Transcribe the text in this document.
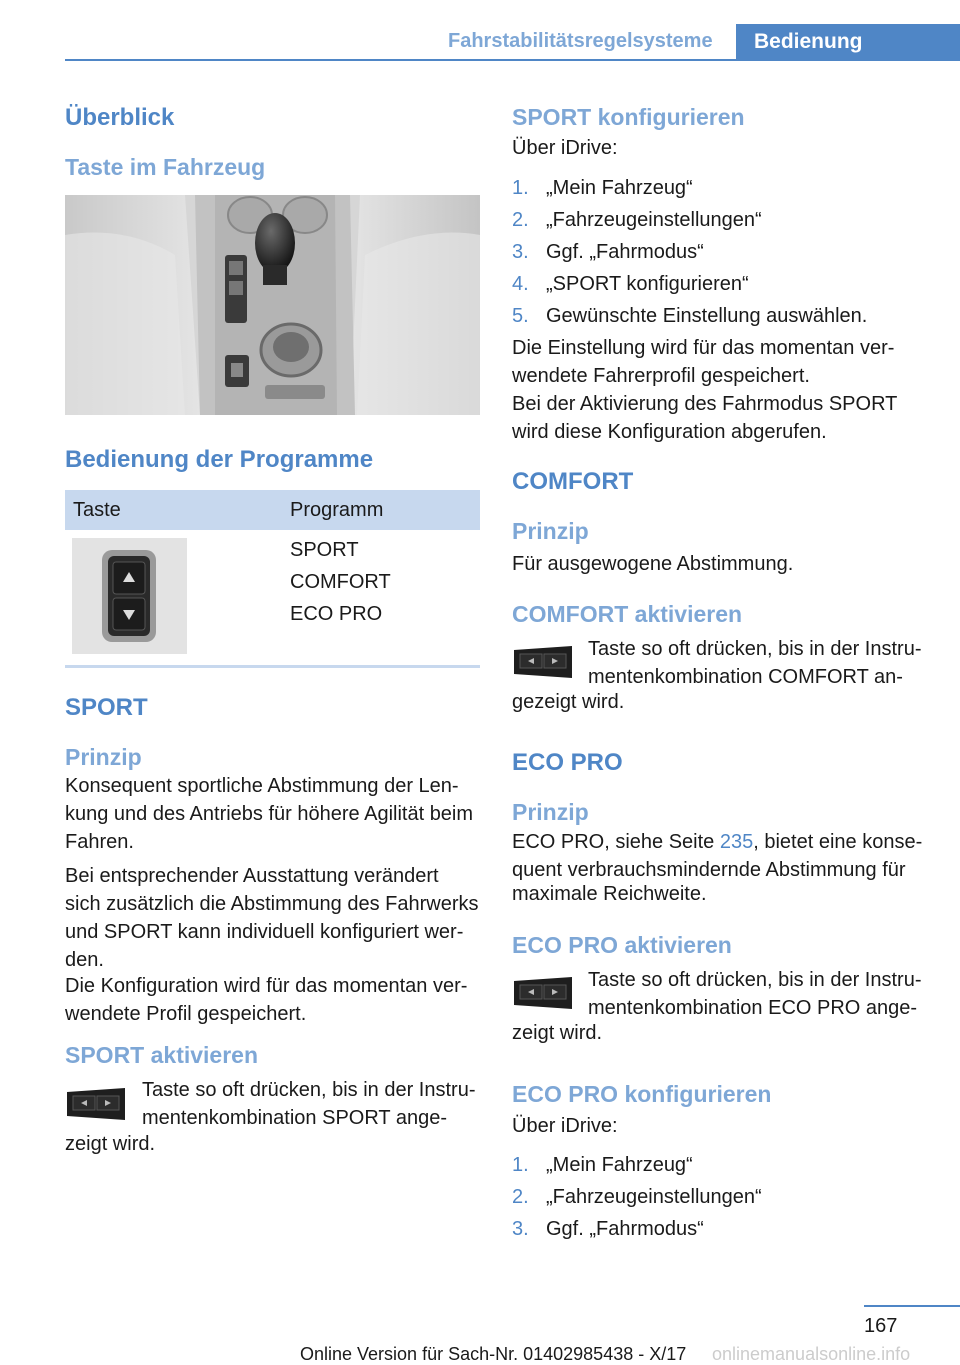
Fahrstabilitätsregelsysteme	Bedienung
Überblick
Taste im Fahrzeug
Bedienung der Programme
Taste	Programm
SPORT
COMFORT
ECO PRO
SPORT
Prinzip
Konsequent sportliche Abstimmung der Len-
kung und des Antriebs für höhere Agilität beim
Fahren.
Bei entsprechender Ausstattung verändert
sich zusätzlich die Abstimmung des Fahrwerks
und SPORT kann individuell konfiguriert wer-
den.
Die Konfiguration wird für das momentan ver-
wendete Profil gespeichert.
SPORT aktivieren
Taste so oft drücken, bis in der Instru-
mentenkombination SPORT ange-
zeigt wird.
SPORT konfigurieren
Über iDrive:
1. „Mein Fahrzeug“
2. „Fahrzeugeinstellungen“
3. Ggf. „Fahrmodus“
4. „SPORT konfigurieren“
5. Gewünschte Einstellung auswählen.
Die Einstellung wird für das momentan ver-
wendete Fahrerprofil gespeichert.
Bei der Aktivierung des Fahrmodus SPORT
wird diese Konfiguration abgerufen.
COMFORT
Prinzip
Für ausgewogene Abstimmung.
COMFORT aktivieren
Taste so oft drücken, bis in der Instru-
mentenkombination COMFORT an-
gezeigt wird.
ECO PRO
Prinzip
ECO PRO, siehe Seite 235, bietet eine konse-
quent verbrauchsmindernde Abstimmung für
maximale Reichweite.
ECO PRO aktivieren
Taste so oft drücken, bis in der Instru-
mentenkombination ECO PRO ange-
zeigt wird.
ECO PRO konfigurieren
Über iDrive:
1. „Mein Fahrzeug“
2. „Fahrzeugeinstellungen“
3. Ggf. „Fahrmodus“
167
Online Version für Sach-Nr. 01402985438 - X/17 onlinemanualsonline.info
